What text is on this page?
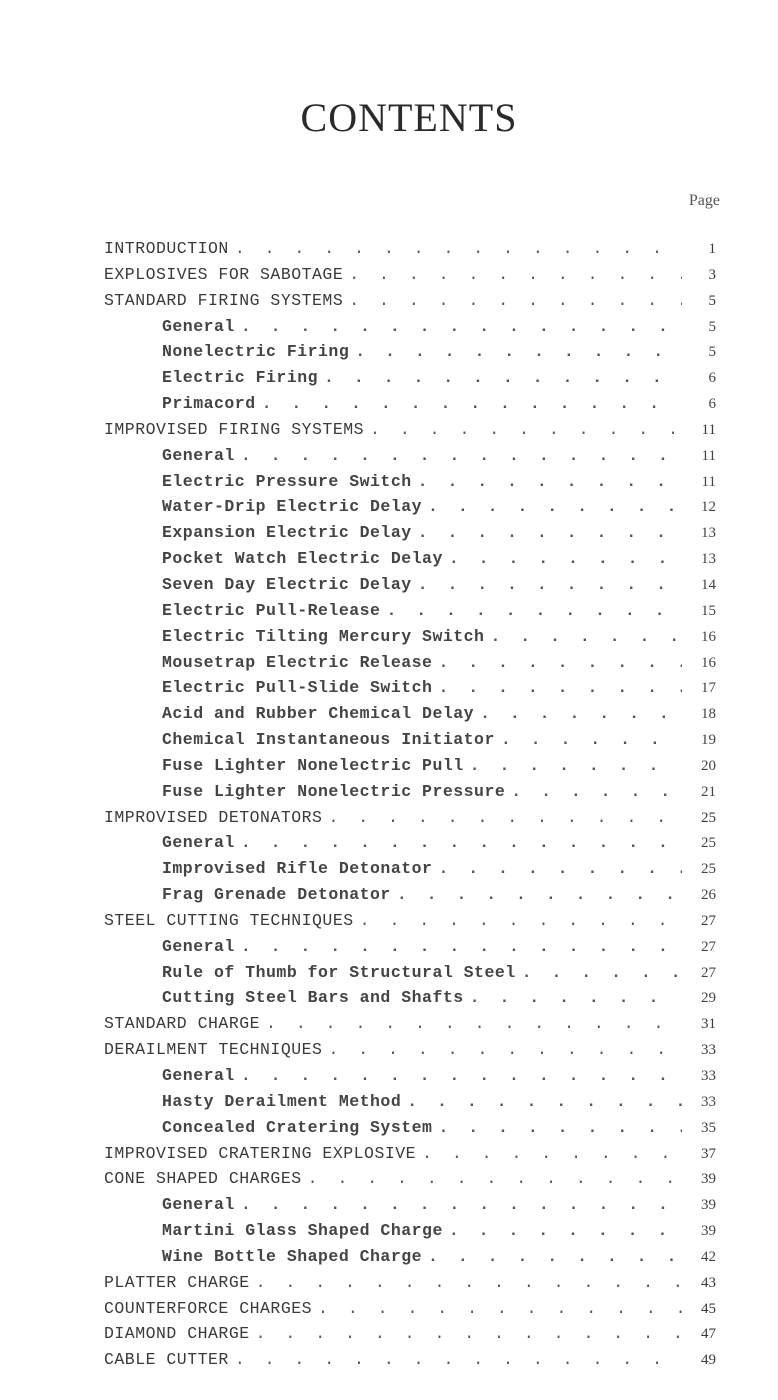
CONTENTS
Page
INTRODUCTION . . .	1
EXPLOSIVES FOR SABOTAGE . . .	3
STANDARD FIRING SYSTEMS . . .	5
General . . .	5
Nonelectric Firing . . .	5
Electric Firing . . .	6
Primacord . . .	6
IMPROVISED FIRING SYSTEMS . . .	11
General . . .	11
Electric Pressure Switch . . .	11
Water-Drip Electric Delay . . .	12
Expansion Electric Delay . . .	13
Pocket Watch Electric Delay . . .	13
Seven Day Electric Delay . . .	14
Electric Pull-Release . . .	15
Electric Tilting Mercury Switch . . .	16
Mousetrap Electric Release . . .	16
Electric Pull-Slide Switch . . .	17
Acid and Rubber Chemical Delay . . .	18
Chemical Instantaneous Initiator . . .	19
Fuse Lighter Nonelectric Pull . . .	20
Fuse Lighter Nonelectric Pressure . . .	21
IMPROVISED DETONATORS . . .	25
General . . .	25
Improvised Rifle Detonator . . .	25
Frag Grenade Detonator . . .	26
STEEL CUTTING TECHNIQUES . . .	27
General . . .	27
Rule of Thumb for Structural Steel . . .	27
Cutting Steel Bars and Shafts . . .	29
STANDARD CHARGE . . .	31
DERAILMENT TECHNIQUES . . .	33
General . . .	33
Hasty Derailment Method . . .	33
Concealed Cratering System . . .	35
IMPROVISED CRATERING EXPLOSIVE . . .	37
CONE SHAPED CHARGES . . .	39
General . . .	39
Martini Glass Shaped Charge . . .	39
Wine Bottle Shaped Charge . . .	42
PLATTER CHARGE . . .	43
COUNTERFORCE CHARGES . . .	45
DIAMOND CHARGE . . .	47
CABLE CUTTER . . .	49
